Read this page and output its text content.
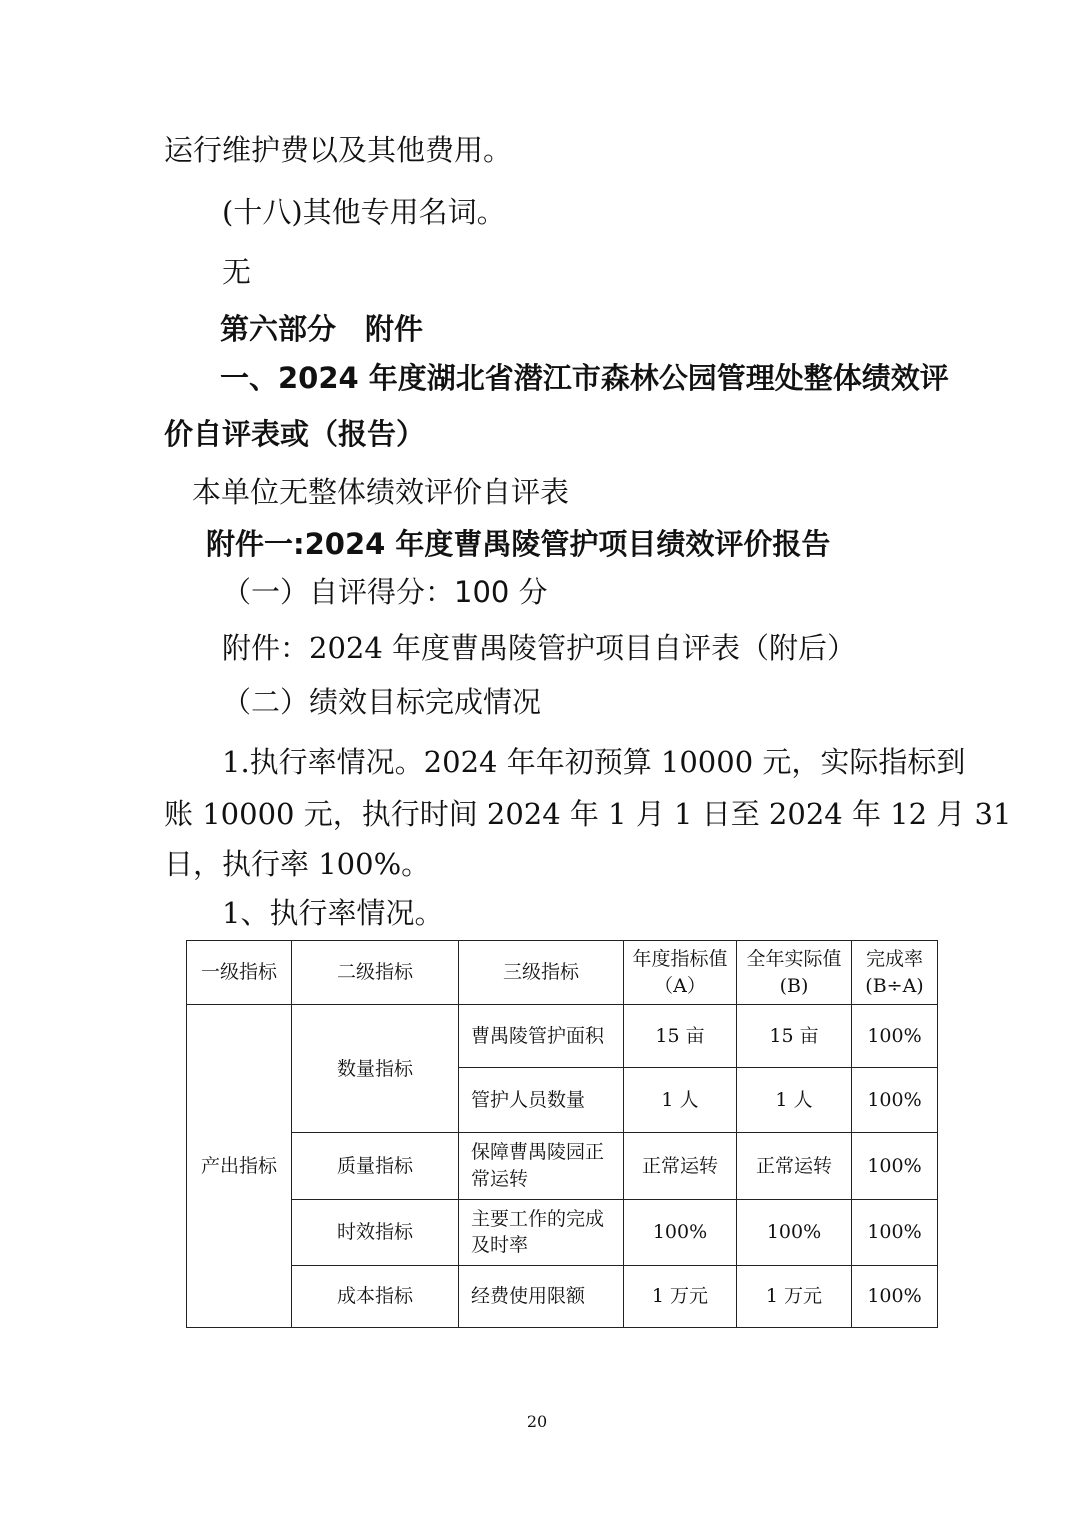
运行维护费以及其他费用。
(十八)其他专用名词。
无
第六部分　附件
一、2024 年度湖北省潜江市森林公园管理处整体绩效评
价自评表或（报告）
本单位无整体绩效评价自评表
附件一:2024 年度曹禺陵管护项目绩效评价报告
（一）自评得分：100 分
附件：2024 年度曹禺陵管护项目自评表（附后）
（二）绩效目标完成情况
1.执行率情况。2024 年年初预算 10000 元，实际指标到
账 10000 元，执行时间 2024 年 1 月 1 日至 2024 年 12 月 31
日，执行率 100%。
1、执行率情况。
一级指标	二级指标	三级指标	年度指标值（A）	全年实际值(B)	完成率(B÷A)
产出指标	数量指标	曹禺陵管护面积	15 亩	15 亩	100%
		管护人员数量	1 人	1 人	100%
	质量指标	保障曹禺陵园正常运转	正常运转	正常运转	100%
	时效指标	主要工作的完成及时率	100%	100%	100%
	成本指标	经费使用限额	1 万元	1 万元	100%
20
